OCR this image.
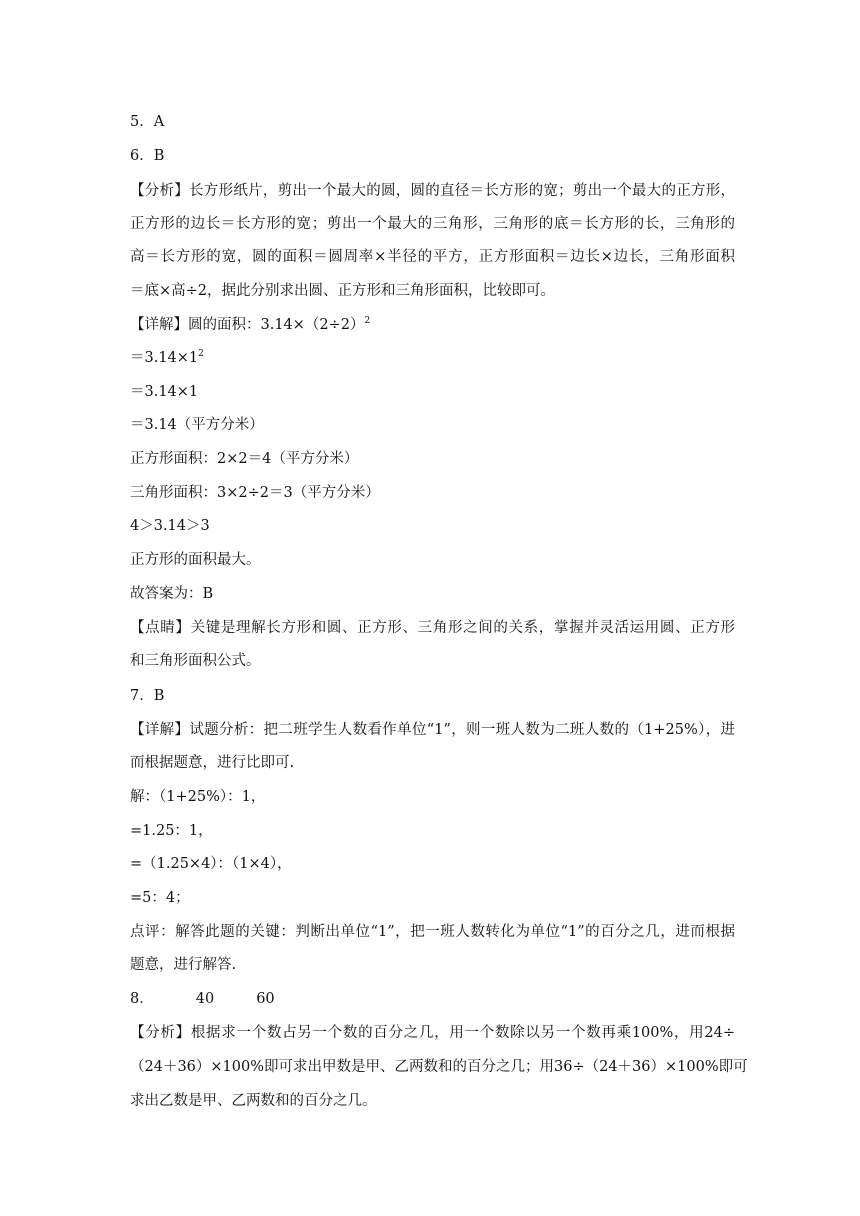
5．A
6．B
【分析】长方形纸片，剪出一个最大的圆，圆的直径＝长方形的宽；剪出一个最大的正方形，
正方形的边长＝长方形的宽；剪出一个最大的三角形，三角形的底＝长方形的长，三角形的
高＝长方形的宽，圆的面积＝圆周率×半径的平方，正方形面积＝边长×边长，三角形面积
＝底×高÷2，据此分别求出圆、正方形和三角形面积，比较即可。
【详解】圆的面积：$3.14\times(2\div 2)^2$
$=3.14\times 1^2$
＝3.14×1
＝3.14（平方分米）
正方形面积：2×2＝4（平方分米）
三角形面积：3×2÷2＝3（平方分米）
4＞3.14＞3
正方形的面积最大。
故答案为：B
【点睛】关键是理解长方形和圆、正方形、三角形之间的关系，掌握并灵活运用圆、正方形
和三角形面积公式。
7．B
【详解】试题分析：把二班学生人数看作单位“1”，则一班人数为二班人数的（1+25%），进
而根据题意，进行比即可.
解：（1+25%）：1，
=1.25：1，
=（1.25×4）：（1×4），
=5：4；
点评：解答此题的关键：判断出单位“1”，把一班人数转化为单位“1”的百分之几，进而根据
题意，进行解答.
8．	40	60
【分析】根据求一个数占另一个数的百分之几，用一个数除以另一个数再乘100%，用24÷
（24＋36）×100%即可求出甲数是甲、乙两数和的百分之几；用36÷（24＋36）×100%即可
求出乙数是甲、乙两数和的百分之几。
